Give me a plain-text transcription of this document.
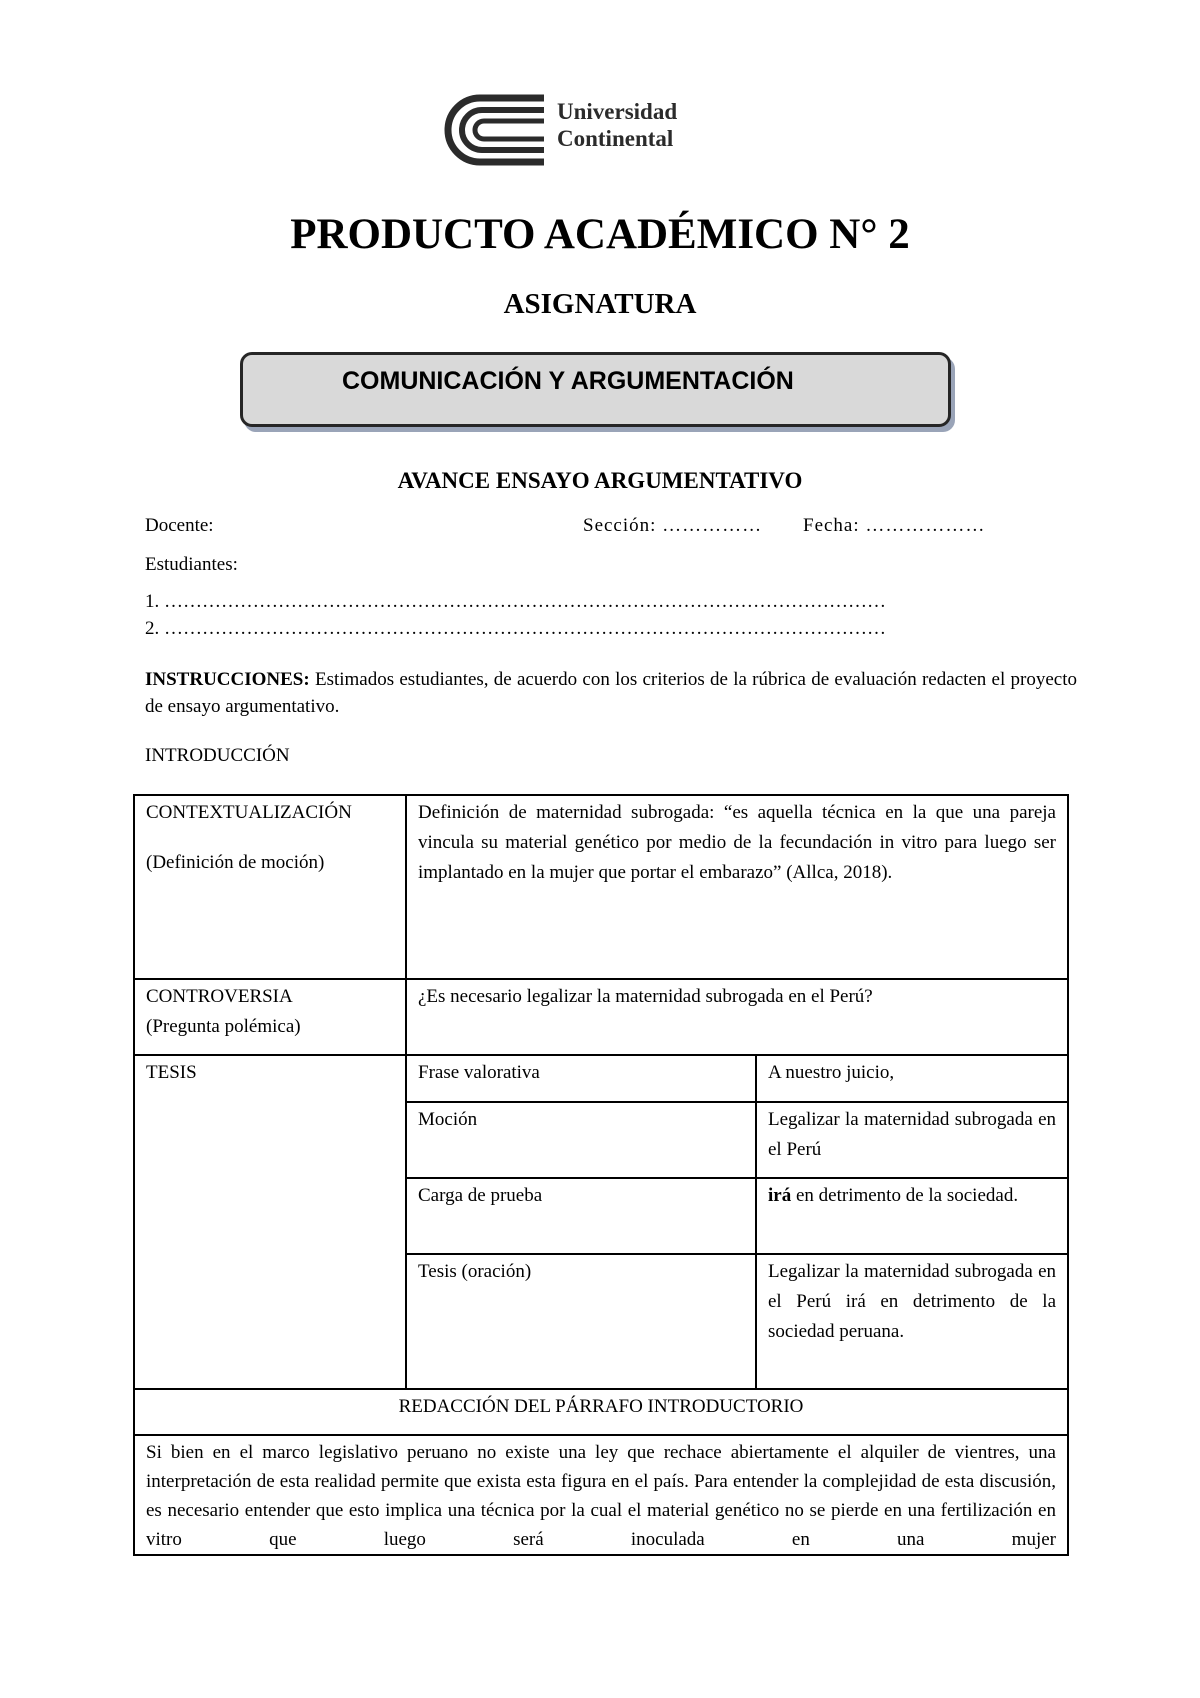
Universidad
Continental
PRODUCTO ACADÉMICO N° 2
ASIGNATURA
COMUNICACIÓN Y ARGUMENTACIÓN
AVANCE ENSAYO ARGUMENTATIVO
Docente:	Sección: …………… Fecha: ………………
Estudiantes:
1. ……………………………………………………………………………………………………
2. ……………………………………………………………………………………………………
INSTRUCCIONES: Estimados estudiantes, de acuerdo con los criterios de la rúbrica de evaluación redacten el proyecto de ensayo argumentativo.
INTRODUCCIÓN
CONTEXTUALIZACIÓN
(Definición de moción)	Definición de maternidad subrogada: “es aquella técnica en la que una pareja vincula su material genético por medio de la fecundación in vitro para luego ser implantado en la mujer que portar el embarazo” (Allca, 2018).	

CONTROVERSIA
(Pregunta polémica)	¿Es necesario legalizar la maternidad subrogada en el Perú?	
TESIS	Frase valorativa	A nuestro juicio,
	Moción	Legalizar la maternidad subrogada en el Perú
	Carga de prueba	irá en detrimento de la sociedad.
	Tesis (oración)	Legalizar la maternidad subrogada en el Perú irá en detrimento de la sociedad peruana.
REDACCIÓN DEL PÁRRAFO INTRODUCTORIO		

Si bien en el marco legislativo peruano no existe una ley que rechace abiertamente el alquiler de vientres, una interpretación de esta realidad permite que exista esta figura en el país. Para entender la complejidad de esta discusión, es necesario entender que esto implica una técnica por la cual el material genético no se pierde en una fertilización en vitro que luego será inoculada en una mujer		
